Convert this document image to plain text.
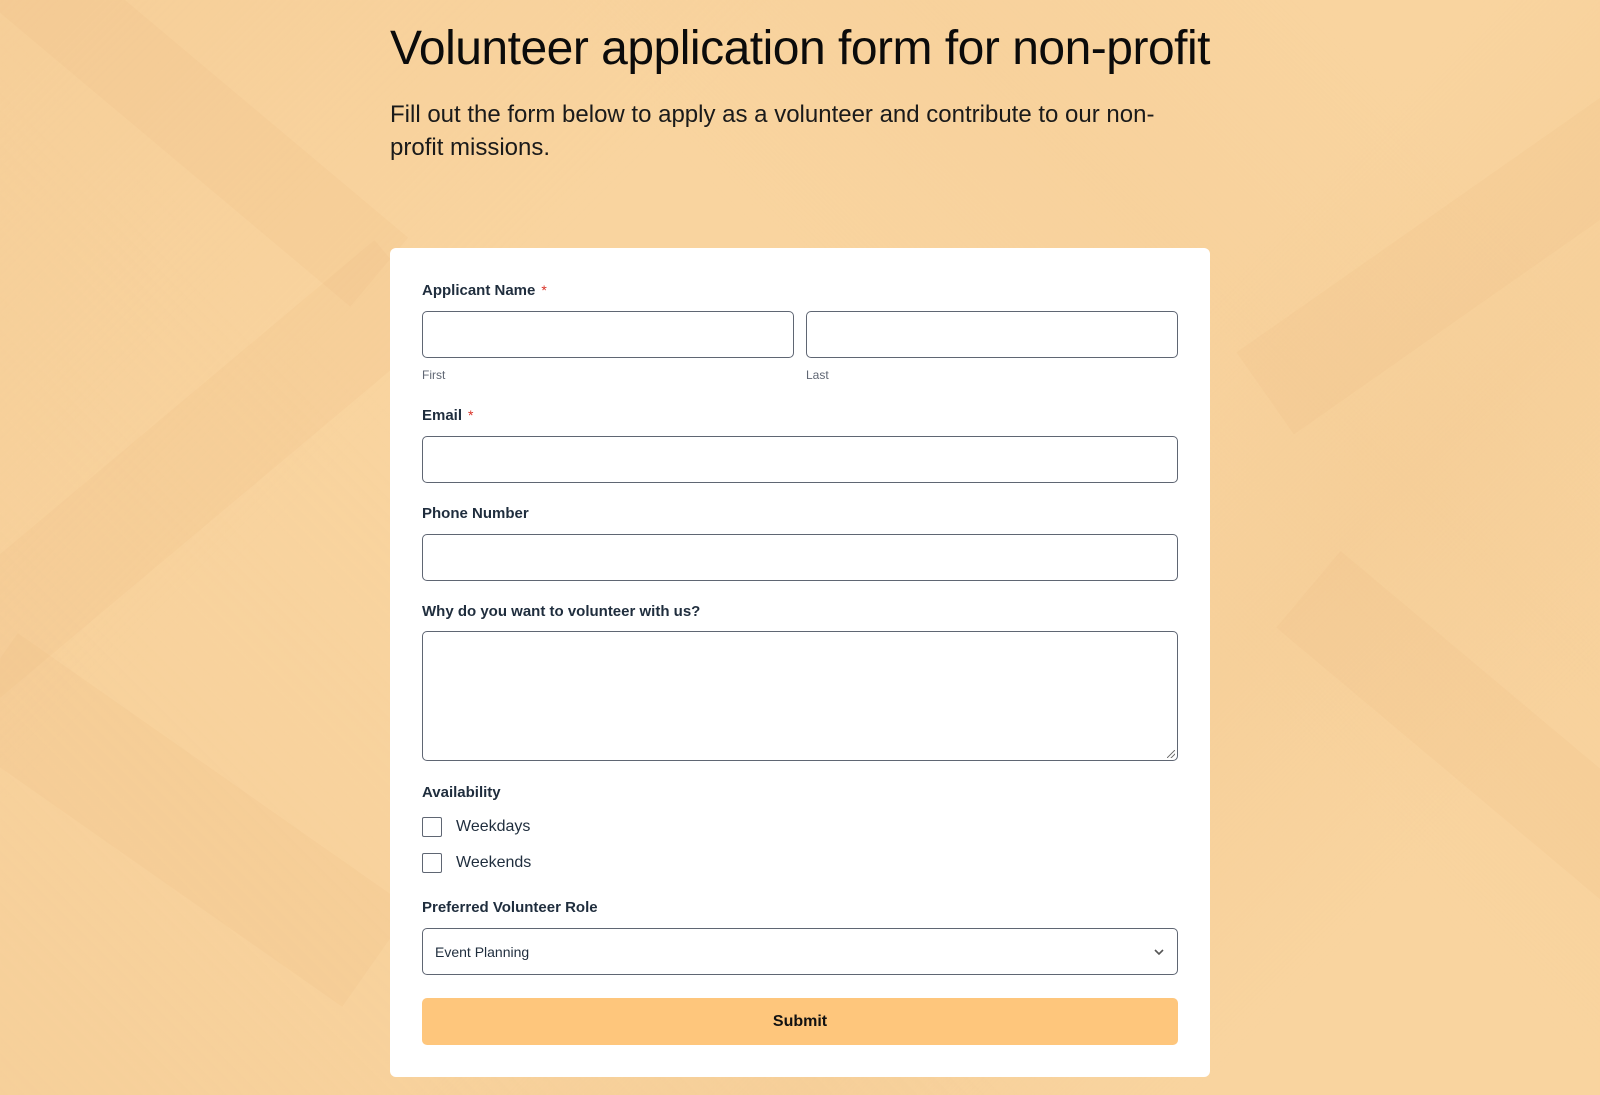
Volunteer application form for non-profit

Fill out the form below to apply as a volunteer and contribute to our non-profit missions.

Applicant Name *
First	Last
Email *
Phone Number
Why do you want to volunteer with us?
Availability
Weekdays
Weekends
Preferred Volunteer Role
Event Planning
Submit
